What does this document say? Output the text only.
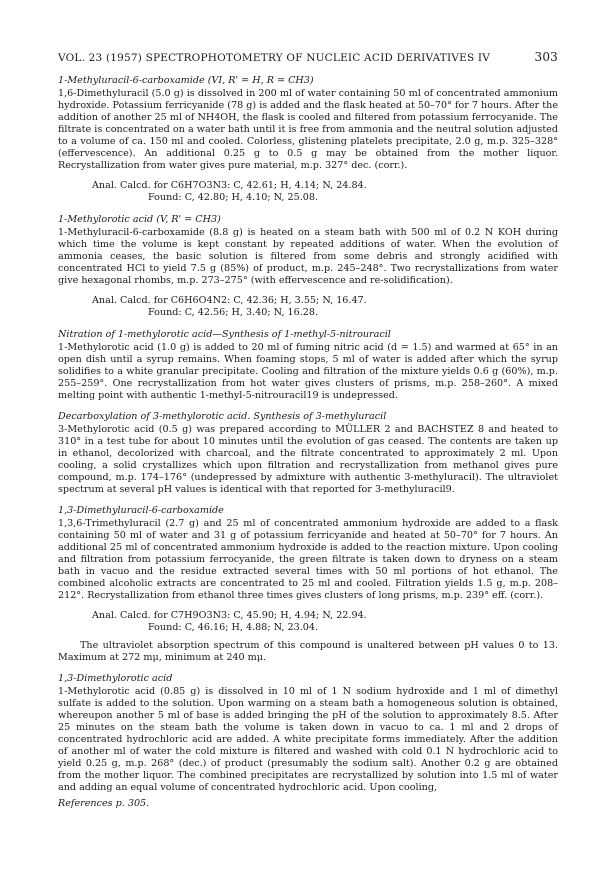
VOL. 23 (1957) SPECTROPHOTOMETRY OF NUCLEIC ACID DERIVATIVES IV	303
1-Methyluracil-6-carboxamide (VI, R' = H, R = CH3)

1,6-Dimethyluracil (5.0 g) is dissolved in 200 ml of water containing 50 ml of concentrated ammonium hydroxide. Potassium ferricyanide (78 g) is added and the flask heated at 50–70° for 7 hours. After the addition of another 25 ml of NH4OH, the flask is cooled and filtered from potassium ferrocyanide. The filtrate is concentrated on a water bath until it is free from ammonia and the neutral solution adjusted to a volume of ca. 150 ml and cooled. Colorless, glistening platelets precipitate, 2.0 g, m.p. 325–328° (effervescence). An additional 0.25 g to 0.5 g may be obtained from the mother liquor. Recrystallization from water gives pure material, m.p. 327° dec. (corr.).

Anal. Calcd. for C6H7O3N3: C, 42.61; H, 4.14; N, 24.84.
Found: C, 42.80; H, 4.10; N, 25.08.
1-Methylorotic acid (V, R' = CH3)

1-Methyluracil-6-carboxamide (8.8 g) is heated on a steam bath with 500 ml of 0.2 N KOH during which time the volume is kept constant by repeated additions of water. When the evolution of ammonia ceases, the basic solution is filtered from some debris and strongly acidified with concentrated HCl to yield 7.5 g (85%) of product, m.p. 245–248°. Two recrystallizations from water give hexagonal rhombs, m.p. 273–275° (with effervescence and re-solidification).

Anal. Calcd. for C6H6O4N2: C, 42.36; H, 3.55; N, 16.47.
Found: C, 42.56; H, 3.40; N, 16.28.
Nitration of 1-methylorotic acid—Synthesis of 1-methyl-5-nitrouracil

1-Methylorotic acid (1.0 g) is added to 20 ml of fuming nitric acid (d = 1.5) and warmed at 65° in an open dish until a syrup remains. When foaming stops, 5 ml of water is added after which the syrup solidifies to a white granular precipitate. Cooling and filtration of the mixture yields 0.6 g (60%), m.p. 255–259°. One recrystallization from hot water gives clusters of prisms, m.p. 258–260°. A mixed melting point with authentic 1-methyl-5-nitrouracil19 is undepressed.

Decarboxylation of 3-methylorotic acid. Synthesis of 3-methyluracil

3-Methylorotic acid (0.5 g) was prepared according to MÜLLER 2 and BACHSTEZ 8 and heated to 310° in a test tube for about 10 minutes until the evolution of gas ceased. The contents are taken up in ethanol, decolorized with charcoal, and the filtrate concentrated to approximately 2 ml. Upon cooling, a solid crystallizes which upon filtration and recrystallization from methanol gives pure compound, m.p. 174–176° (undepressed by admixture with authentic 3-methyluracil). The ultraviolet spectrum at several pH values is identical with that reported for 3-methyluracil9.

1,3-Dimethyluracil-6-carboxamide

1,3,6-Trimethyluracil (2.7 g) and 25 ml of concentrated ammonium hydroxide are added to a flask containing 50 ml of water and 31 g of potassium ferricyanide and heated at 50–70° for 7 hours. An additional 25 ml of concentrated ammonium hydroxide is added to the reaction mixture. Upon cooling and filtration from potassium ferrocyanide, the green filtrate is taken down to dryness on a steam bath in vacuo and the residue extracted several times with 50 ml portions of hot ethanol. The combined alcoholic extracts are concentrated to 25 ml and cooled. Filtration yields 1.5 g, m.p. 208–212°. Recrystallization from ethanol three times gives clusters of long prisms, m.p. 239° eff. (corr.).

Anal. Calcd. for C7H9O3N3: C, 45.90; H, 4.94; N, 22.94.
Found: C, 46.16; H, 4.88; N, 23.04.

The ultraviolet absorption spectrum of this compound is unaltered between pH values 0 to 13. Maximum at 272 mμ, minimum at 240 mμ.

1,3-Dimethylorotic acid

1-Methylorotic acid (0.85 g) is dissolved in 10 ml of 1 N sodium hydroxide and 1 ml of dimethyl sulfate is added to the solution. Upon warming on a steam bath a homogeneous solution is obtained, whereupon another 5 ml of base is added bringing the pH of the solution to approximately 8.5. After 25 minutes on the steam bath the volume is taken down in vacuo to ca. 1 ml and 2 drops of concentrated hydrochloric acid are added. A white precipitate forms immediately. After the addition of another ml of water the cold mixture is filtered and washed with cold 0.1 N hydrochloric acid to yield 0.25 g, m.p. 268° (dec.) of product (presumably the sodium salt). Another 0.2 g are obtained from the mother liquor. The combined precipitates are recrystallized by solution into 1.5 ml of water and adding an equal volume of concentrated hydrochloric acid. Upon cooling,

References p. 305.
